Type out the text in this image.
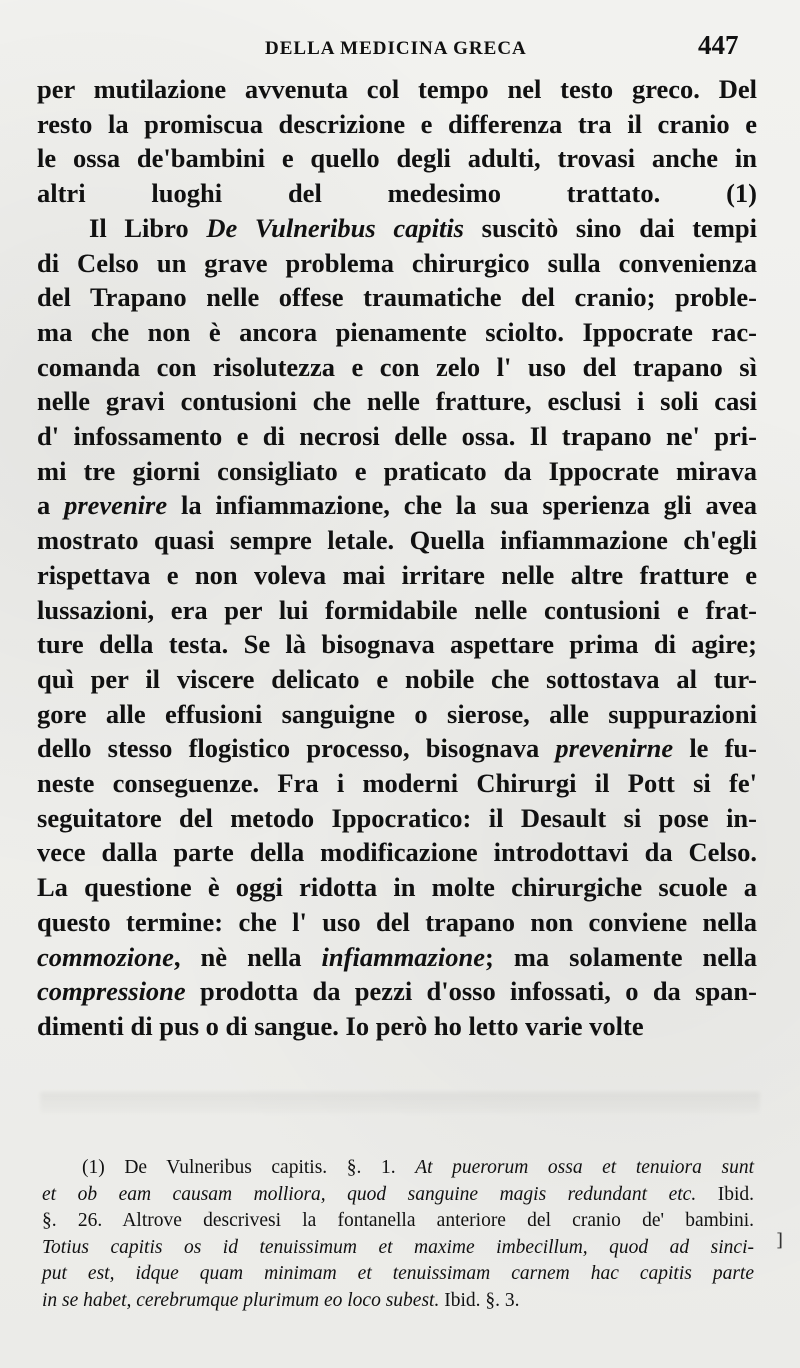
DELLA MEDICINA GRECA	447
per mutilazione avvenuta col tempo nel testo greco. Del
resto la promiscua descrizione e differenza tra il cranio e
le ossa de'bambini e quello degli adulti, trovasi anche in
altri luoghi del medesimo trattato. (1)
Il Libro De Vulneribus capitis suscitò sino dai tempi
di Celso un grave problema chirurgico sulla convenienza
del Trapano nelle offese traumatiche del cranio; proble-
ma che non è ancora pienamente sciolto. Ippocrate rac-
comanda con risolutezza e con zelo l' uso del trapano sì
nelle gravi contusioni che nelle fratture, esclusi i soli casi
d' infossamento e di necrosi delle ossa. Il trapano ne' pri-
mi tre giorni consigliato e praticato da Ippocrate mirava
a prevenire la infiammazione, che la sua sperienza gli avea
mostrato quasi sempre letale. Quella infiammazione ch'egli
rispettava e non voleva mai irritare nelle altre fratture e
lussazioni, era per lui formidabile nelle contusioni e frat-
ture della testa. Se là bisognava aspettare prima di agire;
quì per il viscere delicato e nobile che sottostava al tur-
gore alle effusioni sanguigne o sierose, alle suppurazioni
dello stesso flogistico processo, bisognava prevenirne le fu-
neste conseguenze. Fra i moderni Chirurgi il Pott si fe'
seguitatore del metodo Ippocratico: il Desault si pose in-
vece dalla parte della modificazione introdottavi da Celso.
La questione è oggi ridotta in molte chirurgiche scuole a
questo termine: che l' uso del trapano non conviene nella
commozione, nè nella infiammazione; ma solamente nella
compressione prodotta da pezzi d'osso infossati, o da span-
dimenti di pus o di sangue. Io però ho letto varie volte
(1) De Vulneribus capitis. §. 1. At puerorum ossa et tenuiora sunt
et ob eam causam molliora, quod sanguine magis redundant etc. Ibid.
§. 26. Altrove descrivesi la fontanella anteriore del cranio de' bambini.
Totius capitis os id tenuissimum et maxime imbecillum, quod ad sinci-
put est, idque quam minimam et tenuissimam carnem hac capitis parte
in se habet, cerebrumque plurimum eo loco subest. Ibid. §. 3.
]
